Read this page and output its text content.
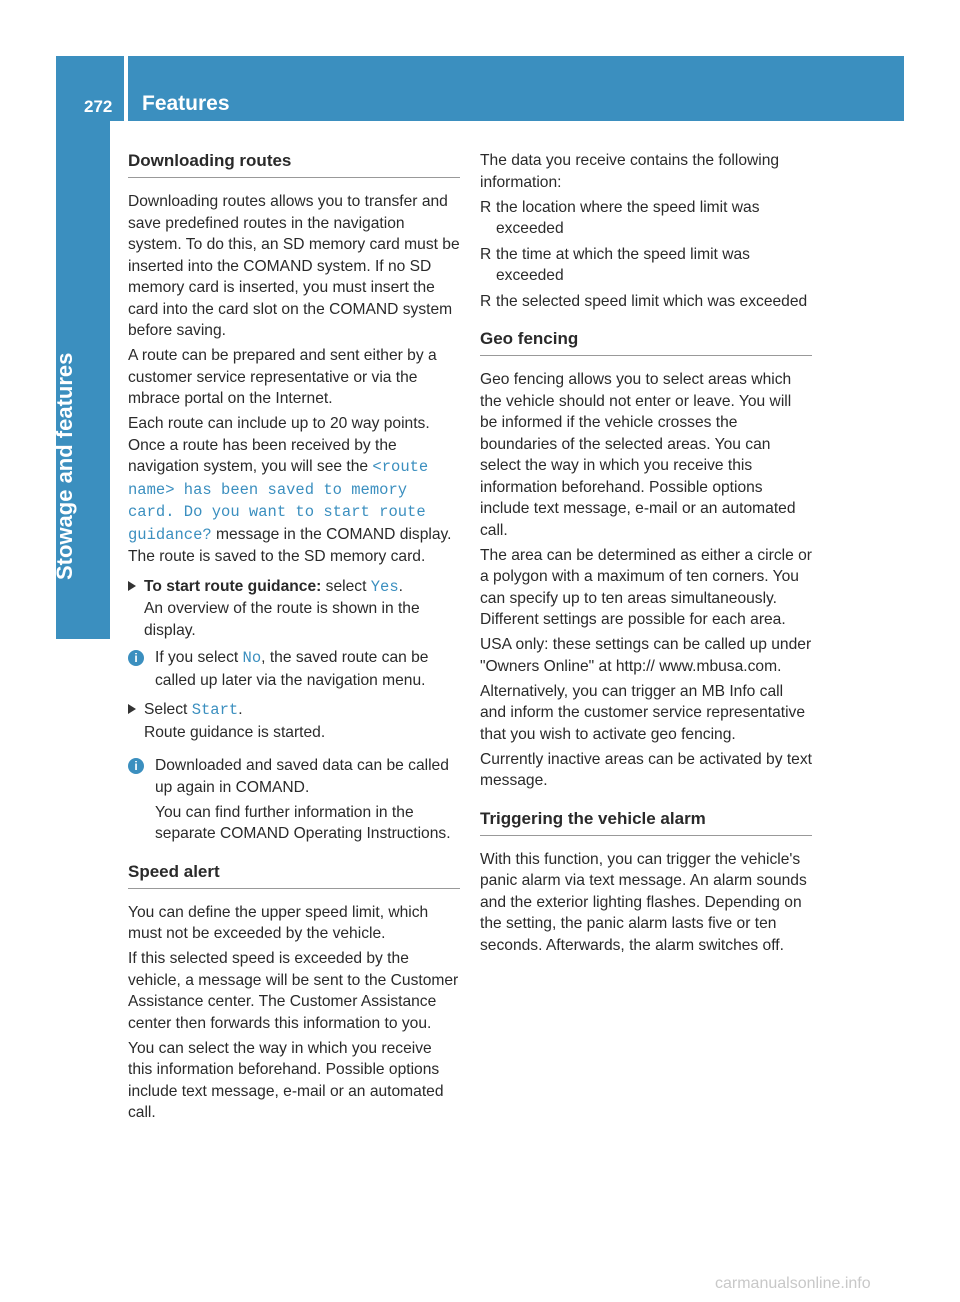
272 Features
Stowage and features
Downloading routes

Downloading routes allows you to transfer and save predefined routes in the navigation system. To do this, an SD memory card must be inserted into the COMAND system. If no SD memory card is inserted, you must insert the card into the card slot on the COMAND system before saving.

A route can be prepared and sent either by a customer service representative or via the mbrace portal on the Internet.

Each route can include up to 20 way points. Once a route has been received by the navigation system, you will see the <route name> has been saved to memory card. Do you want to start route guidance? message in the COMAND display. The route is saved to the SD memory card.

To start route guidance: select Yes.
An overview of the route is shown in the display.
i	If you select No, the saved route can be called up later via the navigation menu.
Select Start.
Route guidance is started.
i	Downloaded and saved data can be called up again in COMAND.

You can find further information in the separate COMAND Operating Instructions.

Speed alert

You can define the upper speed limit, which must not be exceeded by the vehicle.

If this selected speed is exceeded by the vehicle, a message will be sent to the Customer Assistance center. The Customer Assistance center then forwards this information to you.

You can select the way in which you receive this information beforehand. Possible options include text message, e-mail or an automated call.

The data you receive contains the following information:

R the location where the speed limit was exceeded
R the time at which the speed limit was exceeded
R the selected speed limit which was exceeded
Geo fencing

Geo fencing allows you to select areas which the vehicle should not enter or leave. You will be informed if the vehicle crosses the boundaries of the selected areas. You can select the way in which you receive this information beforehand. Possible options include text message, e-mail or an automated call.

The area can be determined as either a circle or a polygon with a maximum of ten corners. You can specify up to ten areas simultaneously. Different settings are possible for each area.

USA only: these settings can be called up under "Owners Online" at http:// www.mbusa.com.

Alternatively, you can trigger an MB Info call and inform the customer service representative that you wish to activate geo fencing.

Currently inactive areas can be activated by text message.

Triggering the vehicle alarm

With this function, you can trigger the vehicle's panic alarm via text message. An alarm sounds and the exterior lighting flashes. Depending on the setting, the panic alarm lasts five or ten seconds. Afterwards, the alarm switches off.

carmanualsonline.info
